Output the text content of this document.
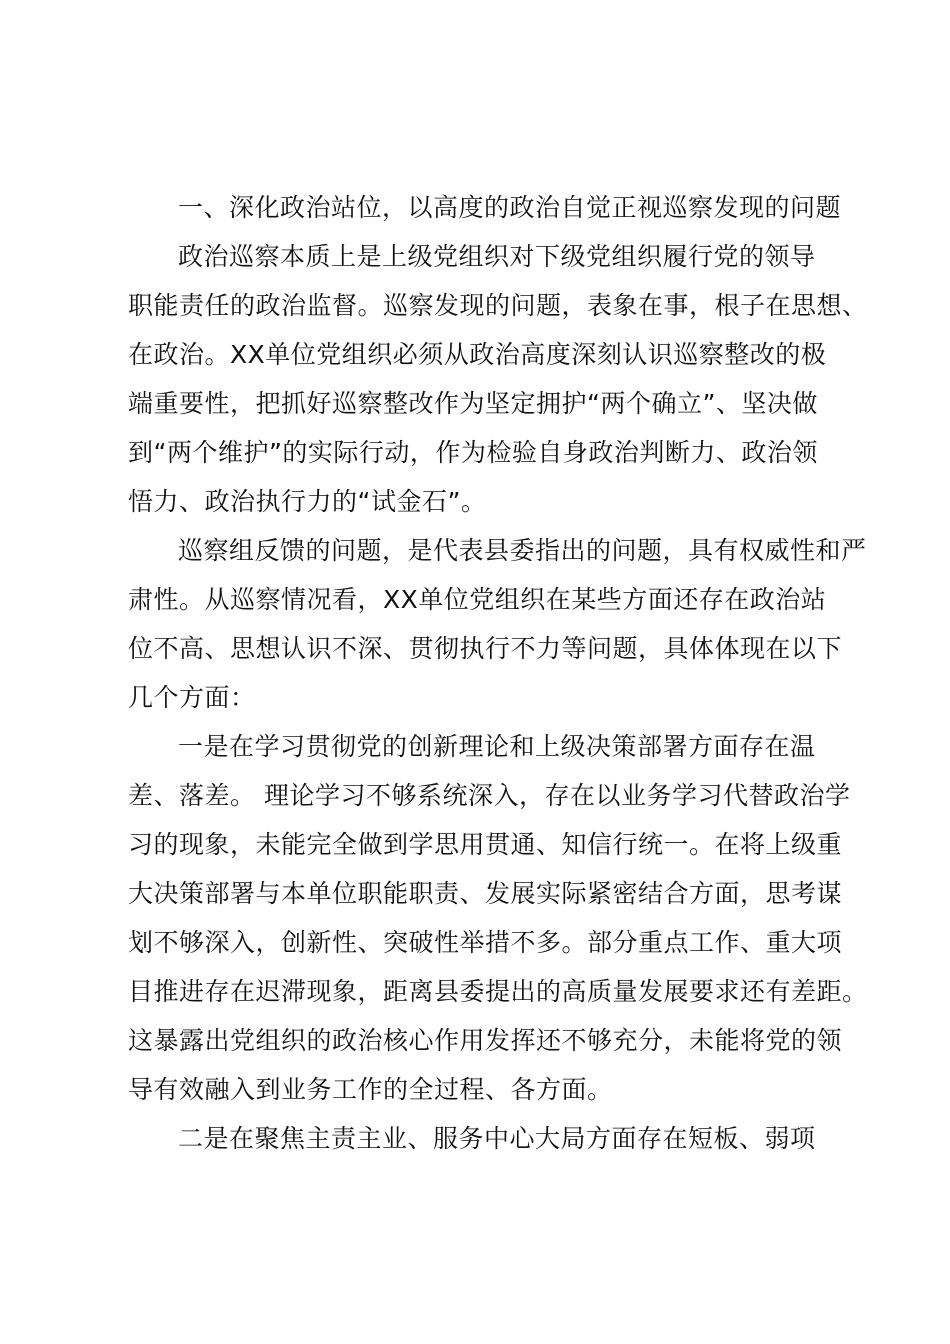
一、深化政治站位，以高度的政治自觉正视巡察发现的问题
政治巡察本质上是上级党组织对下级党组织履行党的领导
职能责任的政治监督。巡察发现的问题，表象在事，根子在思想、
在政治。XX单位党组织必须从政治高度深刻认识巡察整改的极
端重要性，把抓好巡察整改作为坚定拥护“两个确立”、坚决做
到“两个维护”的实际行动，作为检验自身政治判断力、政治领
悟力、政治执行力的“试金石”。
巡察组反馈的问题，是代表县委指出的问题，具有权威性和严
肃性。从巡察情况看，XX单位党组织在某些方面还存在政治站
位不高、思想认识不深、贯彻执行不力等问题，具体体现在以下
几个方面：
一是在学习贯彻党的创新理论和上级决策部署方面存在温
差、落差。 理论学习不够系统深入，存在以业务学习代替政治学
习的现象，未能完全做到学思用贯通、知信行统一。在将上级重
大决策部署与本单位职能职责、发展实际紧密结合方面，思考谋
划不够深入，创新性、突破性举措不多。部分重点工作、重大项
目推进存在迟滞现象，距离县委提出的高质量发展要求还有差距。
这暴露出党组织的政治核心作用发挥还不够充分，未能将党的领
导有效融入到业务工作的全过程、各方面。
二是在聚焦主责主业、服务中心大局方面存在短板、弱项
